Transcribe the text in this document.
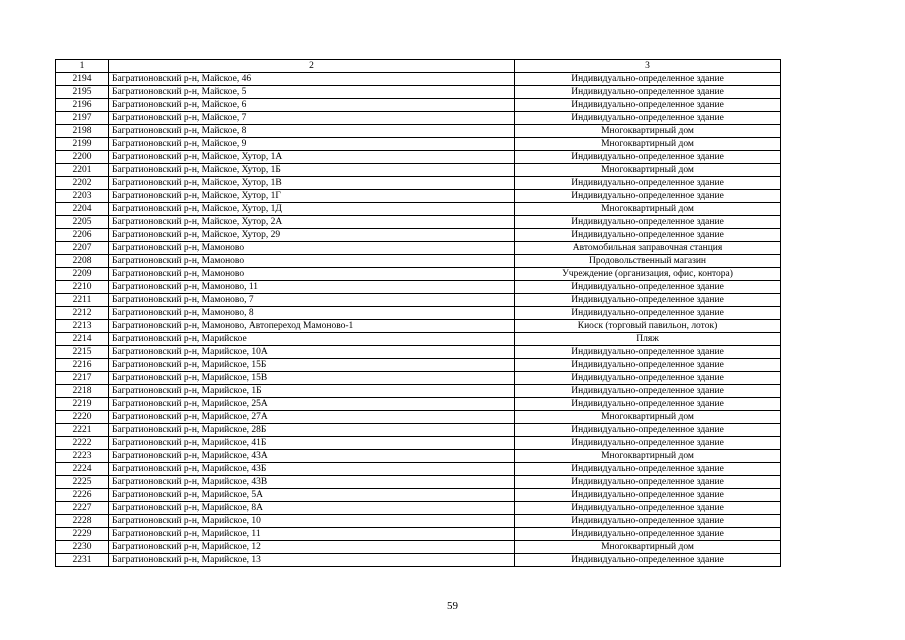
1	2	3
2194	Багратионовский р-н, Майское, 46	Индивидуально-определенное здание
2195	Багратионовский р-н, Майское, 5	Индивидуально-определенное здание
2196	Багратионовский р-н, Майское, 6	Индивидуально-определенное здание
2197	Багратионовский р-н, Майское, 7	Индивидуально-определенное здание
2198	Багратионовский р-н, Майское, 8	Многоквартирный дом
2199	Багратионовский р-н, Майское, 9	Многоквартирный дом
2200	Багратионовский р-н, Майское, Хутор, 1А	Индивидуально-определенное здание
2201	Багратионовский р-н, Майское, Хутор, 1Б	Многоквартирный дом
2202	Багратионовский р-н, Майское, Хутор, 1В	Индивидуально-определенное здание
2203	Багратионовский р-н, Майское, Хутор, 1Г	Индивидуально-определенное здание
2204	Багратионовский р-н, Майское, Хутор, 1Д	Многоквартирный дом
2205	Багратионовский р-н, Майское, Хутор, 2А	Индивидуально-определенное здание
2206	Багратионовский р-н, Майское, Хутор, 29	Индивидуально-определенное здание
2207	Багратионовский р-н, Мамоново	Автомобильная заправочная станция
2208	Багратионовский р-н, Мамоново	Продовольственный магазин
2209	Багратионовский р-н, Мамоново	Учреждение (организация, офис, контора)
2210	Багратионовский р-н, Мамоново, 11	Индивидуально-определенное здание
2211	Багратионовский р-н, Мамоново, 7	Индивидуально-определенное здание
2212	Багратионовский р-н, Мамоново, 8	Индивидуально-определенное здание
2213	Багратионовский р-н, Мамоново, Автопереход Мамоново-1	Киоск (торговый павильон, лоток)
2214	Багратионовский р-н, Марийское	Пляж
2215	Багратионовский р-н, Марийское, 10А	Индивидуально-определенное здание
2216	Багратионовский р-н, Марийское, 15Б	Индивидуально-определенное здание
2217	Багратионовский р-н, Марийское, 15В	Индивидуально-определенное здание
2218	Багратионовский р-н, Марийское, 1Б	Индивидуально-определенное здание
2219	Багратионовский р-н, Марийское, 25А	Индивидуально-определенное здание
2220	Багратионовский р-н, Марийское, 27А	Многоквартирный дом
2221	Багратионовский р-н, Марийское, 28Б	Индивидуально-определенное здание
2222	Багратионовский р-н, Марийское, 41Б	Индивидуально-определенное здание
2223	Багратионовский р-н, Марийское, 43А	Многоквартирный дом
2224	Багратионовский р-н, Марийское, 43Б	Индивидуально-определенное здание
2225	Багратионовский р-н, Марийское, 43В	Индивидуально-определенное здание
2226	Багратионовский р-н, Марийское, 5А	Индивидуально-определенное здание
2227	Багратионовский р-н, Марийское, 8А	Индивидуально-определенное здание
2228	Багратионовский р-н, Марийское, 10	Индивидуально-определенное здание
2229	Багратионовский р-н, Марийское, 11	Индивидуально-определенное здание
2230	Багратионовский р-н, Марийское, 12	Многоквартирный дом
2231	Багратионовский р-н, Марийское, 13	Индивидуально-определенное здание
59
